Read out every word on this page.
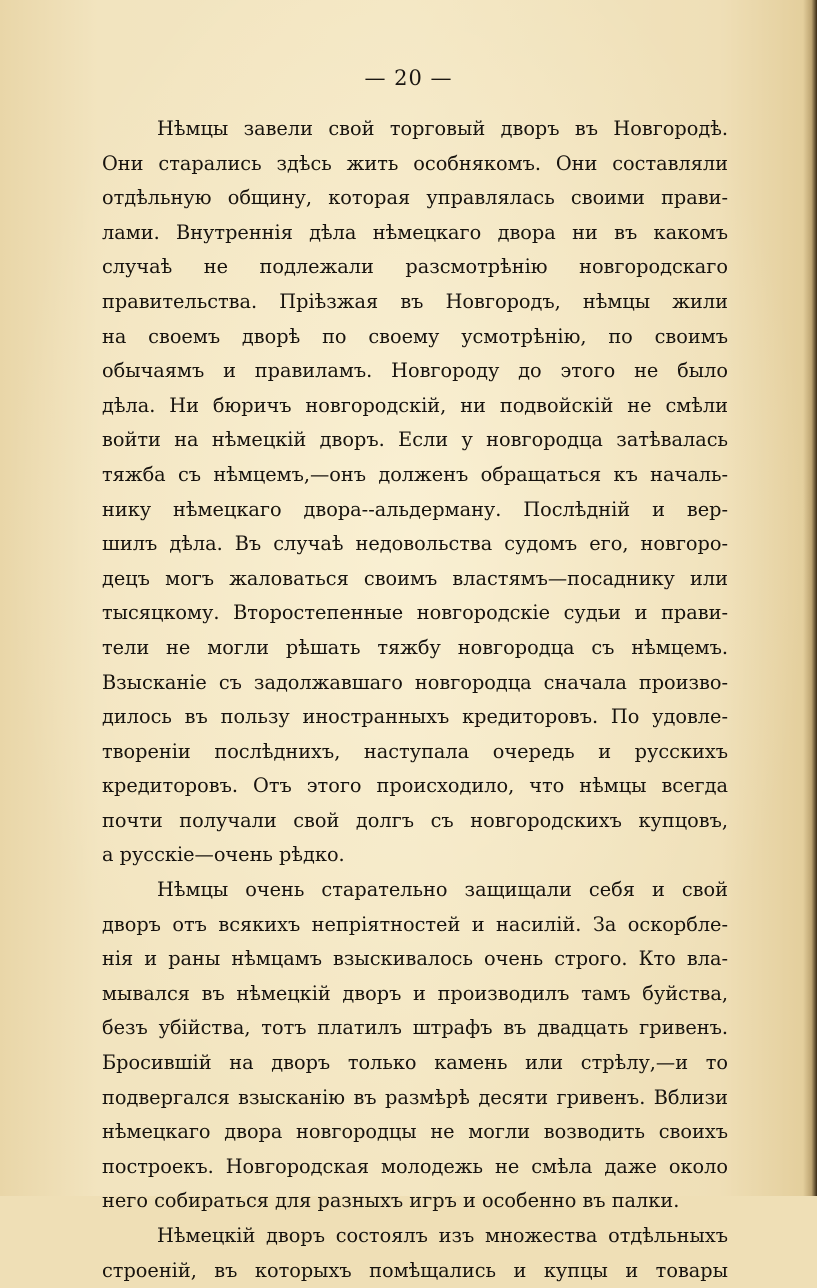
— 20 —
Нѣмцы завели свой торговый дворъ въ Новгородѣ.
Они старались здѣсь жить особнякомъ. Они составляли
отдѣльную общину, которая управлялась своими прави-
лами. Внутреннія дѣла нѣмецкаго двора ни въ какомъ
случаѣ не подлежали разсмотрѣнію новгородскаго
правительства. Пріѣзжая въ Новгородъ, нѣмцы жили
на своемъ дворѣ по своему усмотрѣнію, по своимъ
обычаямъ и правиламъ. Новгороду до этого не было
дѣла. Ни бюричъ новгородскій, ни подвойскій не смѣли
войти на нѣмецкій дворъ. Если у новгородца затѣвалась
тяжба съ нѣмцемъ,—онъ долженъ обращаться къ началь-
нику нѣмецкаго двора--альдерману. Послѣдній и вер-
шилъ дѣла. Въ случаѣ недовольства судомъ его, новгоро-
децъ могъ жаловаться своимъ властямъ—посаднику или
тысяцкому. Второстепенные новгородскіе судьи и прави-
тели не могли рѣшать тяжбу новгородца съ нѣмцемъ.
Взысканіе съ задолжавшаго новгородца сначала произво-
дилось въ пользу иностранныхъ кредиторовъ. По удовле-
твореніи послѣднихъ, наступала очередь и русскихъ
кредиторовъ. Отъ этого происходило, что нѣмцы всегда
почти получали свой долгъ съ новгородскихъ купцовъ,
а русскіе—очень рѣдко.
Нѣмцы очень старательно защищали себя и свой
дворъ отъ всякихъ непріятностей и насилій. За оскорбле-
нія и раны нѣмцамъ взыскивалось очень строго. Кто вла-
мывался въ нѣмецкій дворъ и производилъ тамъ буйства,
безъ убійства, тотъ платилъ штрафъ въ двадцать гривенъ.
Бросившій на дворъ только камень или стрѣлу,—и то
подвергался взысканію въ размѣрѣ десяти гривенъ. Вблизи
нѣмецкаго двора новгородцы не могли возводить своихъ
построекъ. Новгородская молодежь не смѣла даже около
него собираться для разныхъ игръ и особенно въ палки.
Нѣмецкій дворъ состоялъ изъ множества отдѣльныхъ
строеній, въ которыхъ помѣщались и купцы и товары
